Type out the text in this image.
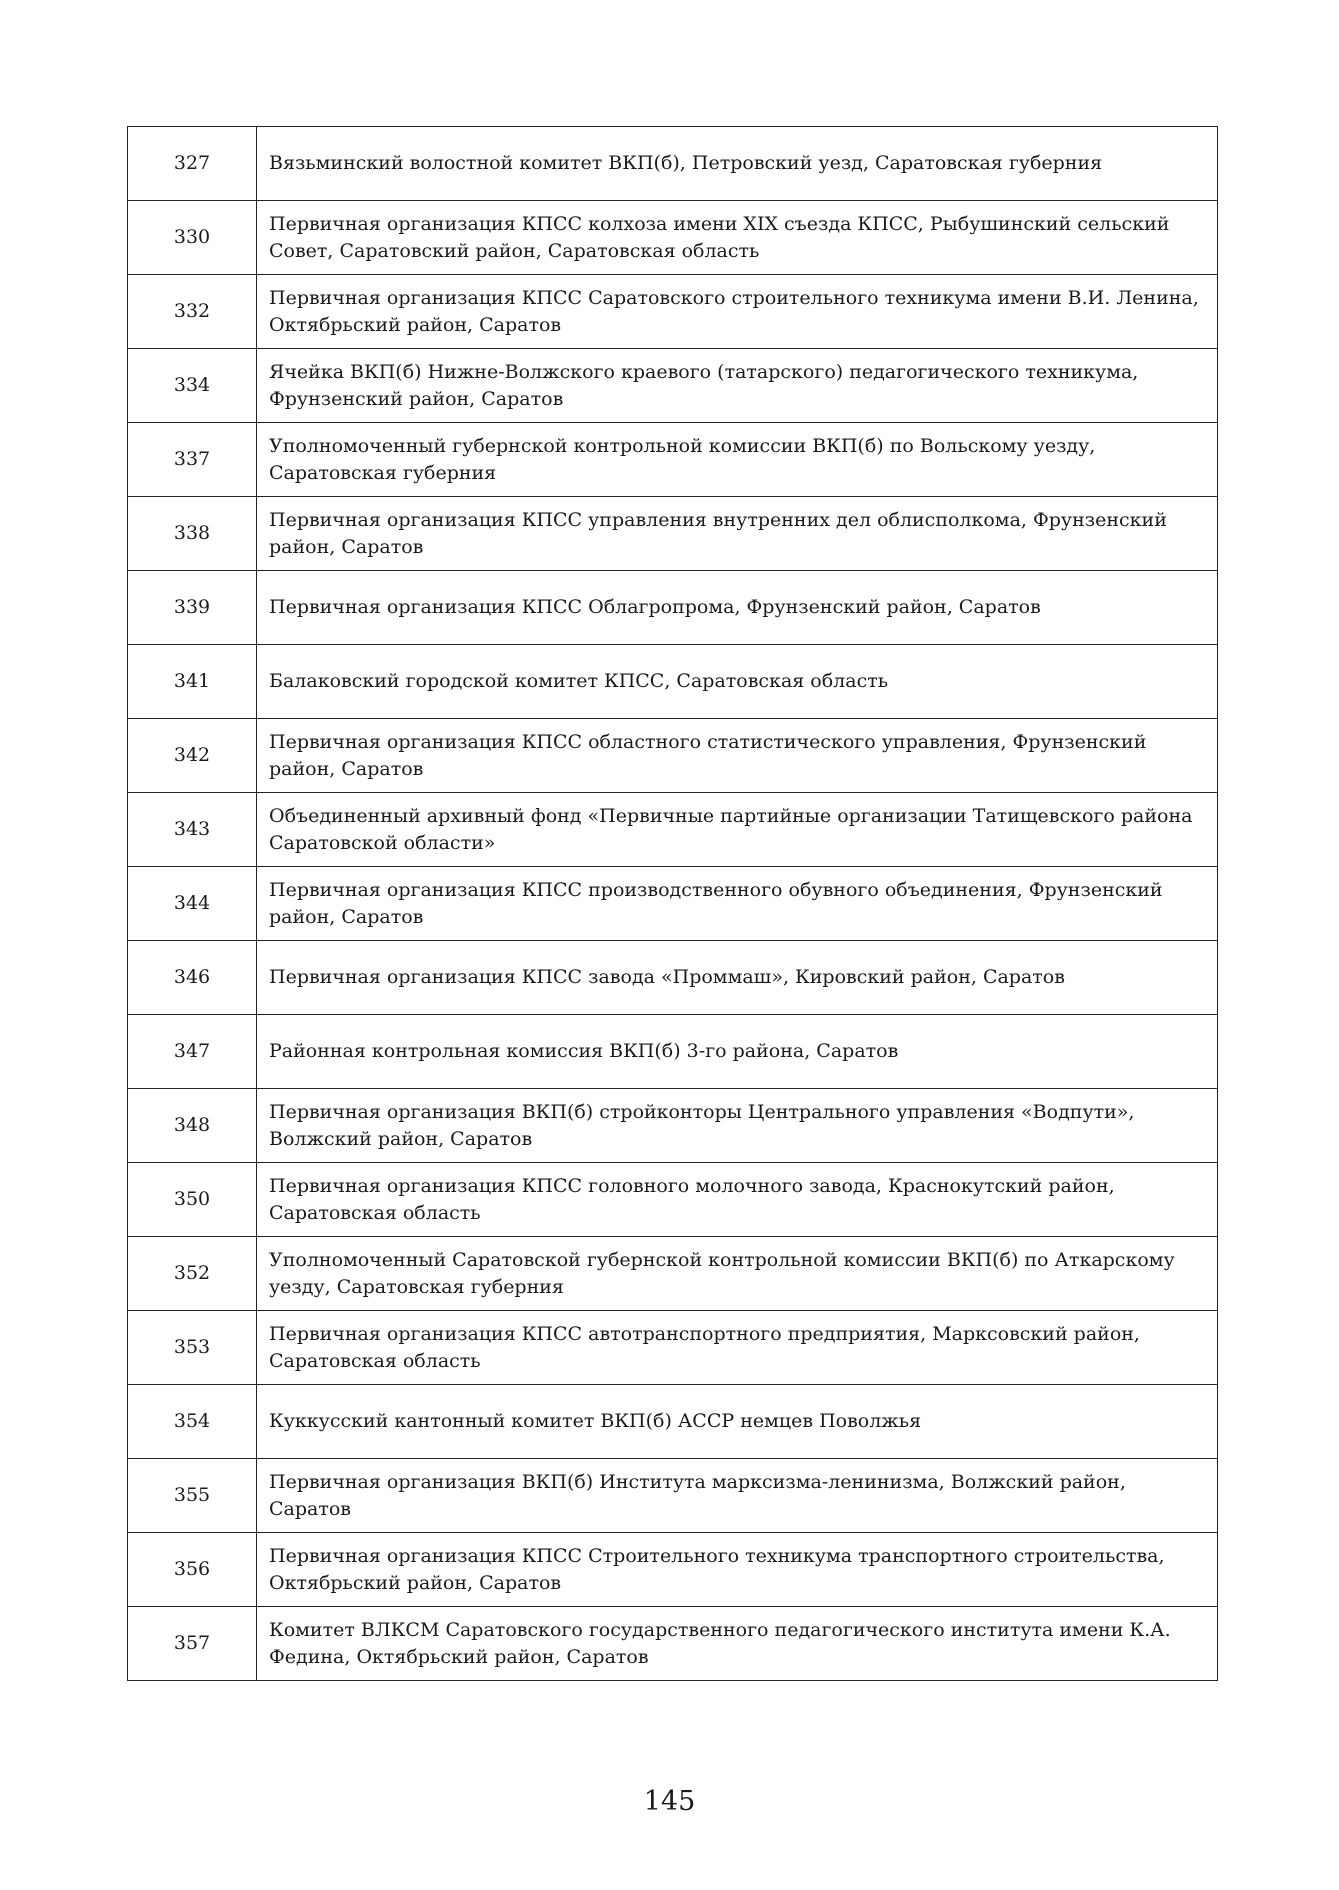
327	Вязьминский волостной комитет ВКП(б), Петровский уезд, Саратовская губерния
330	Первичная организация КПСС колхоза имени XIX съезда КПСС, Рыбушинский сельский Совет, Саратовский район, Саратовская область
332	Первичная организация КПСС Саратовского строительного техникума имени В.И. Ленина, Октябрьский район, Саратов
334	Ячейка ВКП(б) Нижне-Волжского краевого (татарского) педагогического техникума, Фрунзенский район, Саратов
337	Уполномоченный губернской контрольной комиссии ВКП(б) по Вольскому уезду, Саратовская губерния
338	Первичная организация КПСС управления внутренних дел облисполкома, Фрунзенский район, Саратов
339	Первичная организация КПСС Облагропрома, Фрунзенский район, Саратов
341	Балаковский городской комитет КПСС, Саратовская область
342	Первичная организация КПСС областного статистического управления, Фрунзенский район, Саратов
343	Объединенный архивный фонд «Первичные партийные организации Татищевского района Саратовской области»
344	Первичная организация КПСС производственного обувного объединения, Фрунзенский район, Саратов
346	Первичная организация КПСС завода «Проммаш», Кировский район, Саратов
347	Районная контрольная комиссия ВКП(б) 3-го района, Саратов
348	Первичная организация ВКП(б) стройконторы Центрального управления «Водпути», Волжский район, Саратов
350	Первичная организация КПСС головного молочного завода, Краснокутский район, Саратовская область
352	Уполномоченный Саратовской губернской контрольной комиссии ВКП(б) по Аткарскому уезду, Саратовская губерния
353	Первичная организация КПСС автотранспортного предприятия, Марксовский район, Саратовская область
354	Куккусский кантонный комитет ВКП(б) АССР немцев Поволжья
355	Первичная организация ВКП(б) Института марксизма-ленинизма, Волжский район, Саратов
356	Первичная организация КПСС Строительного техникума транспортного строительства, Октябрьский район, Саратов
357	Комитет ВЛКСМ Саратовского государственного педагогического института имени К.А. Федина, Октябрьский район, Саратов
145
